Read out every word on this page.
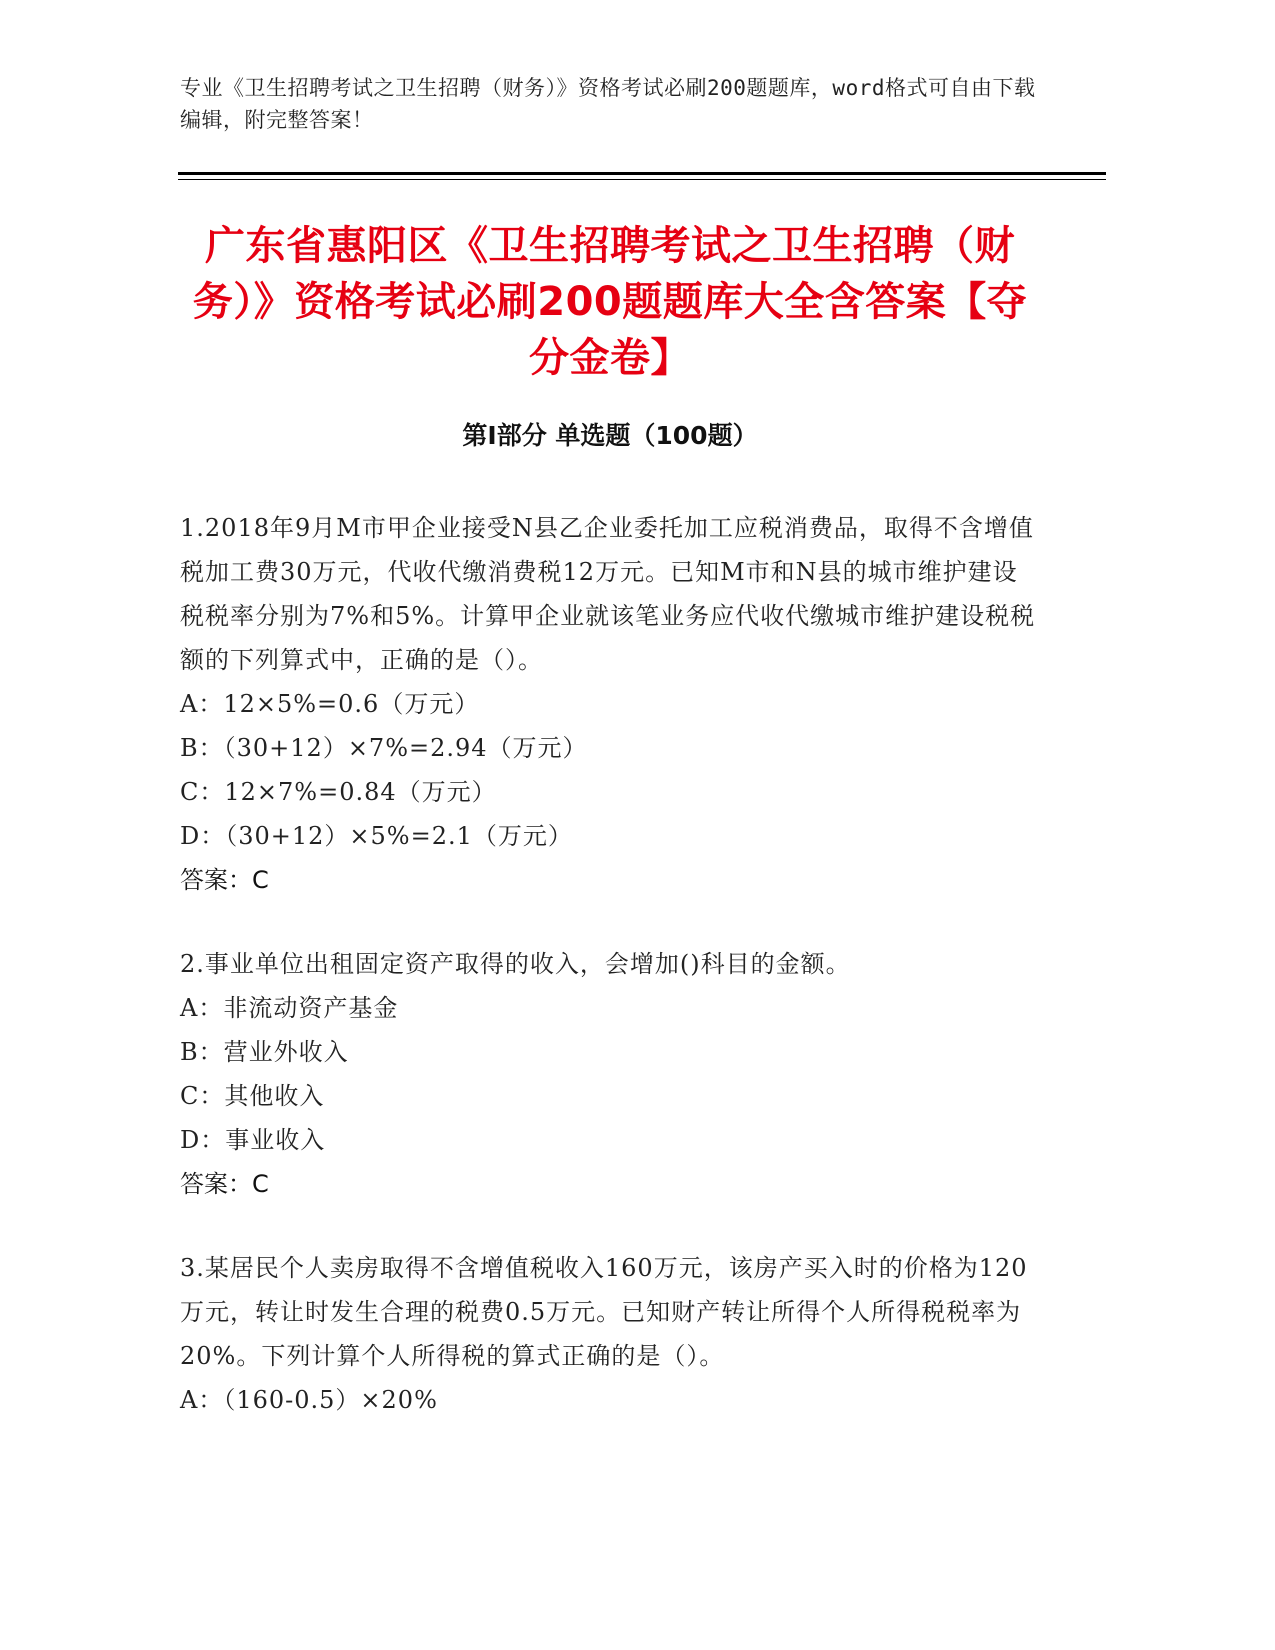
专业《卫生招聘考试之卫生招聘（财务）》资格考试必刷200题题库，word格式可自由下载编辑，附完整答案！
广东省惠阳区《卫生招聘考试之卫生招聘（财务）》资格考试必刷200题题库大全含答案【夺分金卷】
第Ⅰ部分 单选题（100题）
1.2018年9月M市甲企业接受N县乙企业委托加工应税消费品，取得不含增值税加工费30万元，代收代缴消费税12万元。已知M市和N县的城市维护建设税税率分别为7%和5%。计算甲企业就该笔业务应代收代缴城市维护建设税税额的下列算式中，正确的是（）。
A：12×5%=0.6（万元）
B：（30+12）×7%=2.94（万元）
C：12×7%=0.84（万元）
D：（30+12）×5%=2.1（万元）
答案：C
2.事业单位出租固定资产取得的收入，会增加()科目的金额。
A：非流动资产基金
B：营业外收入
C：其他收入
D：事业收入
答案：C
3.某居民个人卖房取得不含增值税收入160万元，该房产买入时的价格为120万元，转让时发生合理的税费0.5万元。已知财产转让所得个人所得税税率为20%。下列计算个人所得税的算式正确的是（）。
A：（160-0.5）×20%
